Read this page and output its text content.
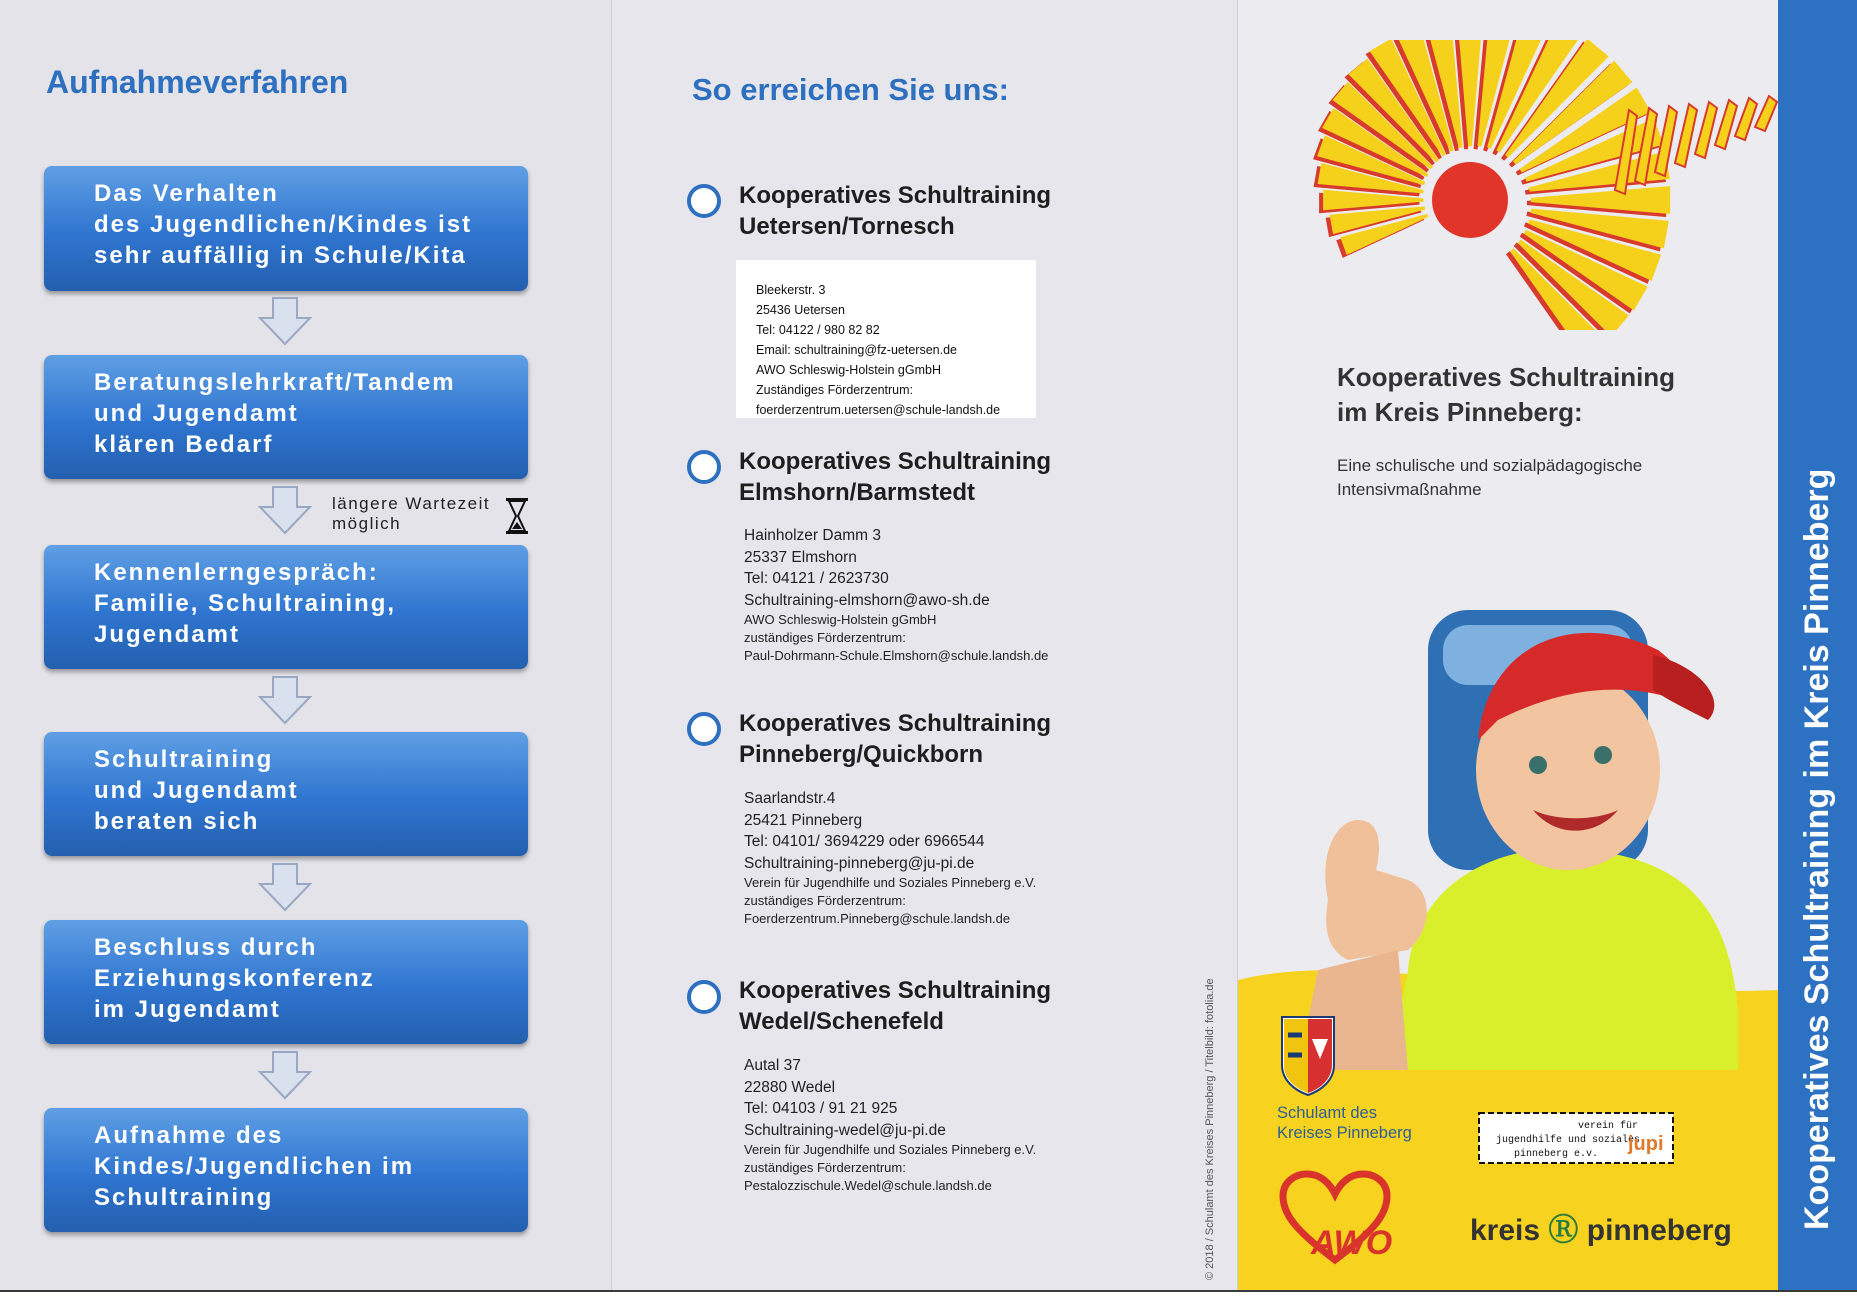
Aufnahmeverfahren
Das Verhalten
des Jugendlichen/Kindes ist
sehr auffällig in Schule/Kita
Beratungslehrkraft/Tandem
und Jugendamt
klären Bedarf
längere Wartezeit
möglich
Kennenlerngespräch:
Familie, Schultraining,
Jugendamt
Schultraining
und Jugendamt
beraten sich
Beschluss durch
Erziehungskonferenz
im Jugendamt
Aufnahme des
Kindes/Jugendlichen im
Schultraining
So erreichen Sie uns:
Kooperatives Schultraining
Uetersen/Tornesch
Bleekerstr. 3
25436 Uetersen
Tel: 04122 / 980 82 82
Email: schultraining@fz-uetersen.de
AWO Schleswig-Holstein gGmbH
Zuständiges Förderzentrum:
foerderzentrum.uetersen@schule-landsh.de
Kooperatives Schultraining
Elmshorn/Barmstedt
Hainholzer Damm 3
25337 Elmshorn
Tel: 04121 / 2623730
Schultraining-elmshorn@awo-sh.de
AWO Schleswig-Holstein gGmbH
zuständiges Förderzentrum:
Paul-Dohrmann-Schule.Elmshorn@schule.landsh.de
Kooperatives Schultraining
Pinneberg/Quickborn
Saarlandstr.4
25421 Pinneberg
Tel: 04101/ 3694229 oder 6966544
Schultraining-pinneberg@ju-pi.de
Verein für Jugendhilfe und Soziales Pinneberg e.V.
zuständiges Förderzentrum:
Foerderzentrum.Pinneberg@schule.landsh.de
Kooperatives Schultraining
Wedel/Schenefeld
Autal 37
22880 Wedel
Tel: 04103 / 91 21 925
Schultraining-wedel@ju-pi.de
Verein für Jugendhilfe und Soziales Pinneberg e.V.
zuständiges Förderzentrum:
Pestalozzischule.Wedel@schule.landsh.de	© 2018 / Schulamt des Kreises Pinneberg / Titelbild: fotolia.de
Kooperatives Schultraining
im Kreis Pinneberg:
Eine schulische und sozialpädagogische
Intensivmaßnahme
Schulamt des
Kreises Pinneberg
AWO
verein für
jugendhilfe und soziales
pinneberg e.v. jupi
kreis Ⓡ pinneberg
Kooperatives Schultraining im Kreis Pinneberg
